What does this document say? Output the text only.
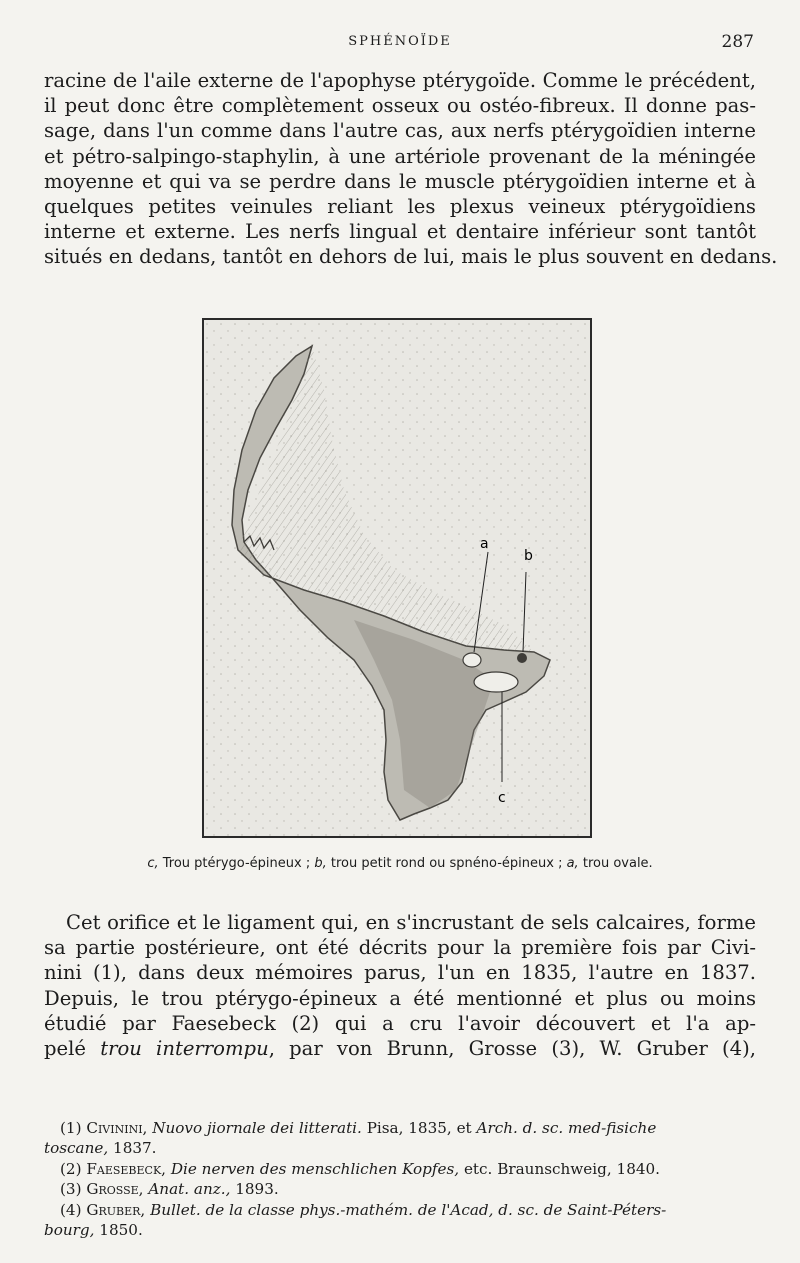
SPHÉNOÏDE	287
racine de l'aile externe de l'apophyse ptérygoïde. Comme le précédent,
il peut donc être complètement osseux ou ostéo-fibreux. Il donne pas-
sage, dans l'un comme dans l'autre cas, aux nerfs ptérygoïdien interne
et pétro-salpingo-staphylin, à une artériole provenant de la méningée
moyenne et qui va se perdre dans le muscle ptérygoïdien interne et à
quelques petites veinules reliant les plexus veineux ptérygoïdiens
interne et externe. Les nerfs lingual et dentaire inférieur sont tantôt
situés en dedans, tantôt en dehors de lui, mais le plus souvent en dedans.
a
b
c
c, Trou ptérygo-épineux ; b, trou petit rond ou spnéno-épineux ; a, trou ovale.
Cet orifice et le ligament qui, en s'incrustant de sels calcaires, forme
sa partie postérieure, ont été décrits pour la première fois par Civi-
nini (1), dans deux mémoires parus, l'un en 1835, l'autre en 1837.
Depuis, le trou ptérygo-épineux a été mentionné et plus ou moins
étudié par Faesebeck (2) qui a cru l'avoir découvert et l'a ap-
pelé trou interrompu, par von Brunn, Grosse (3), W. Gruber (4),
(1) Civinini, Nuovo jiornale dei litterati. Pisa, 1835, et Arch. d. sc. med-fisiche
toscane, 1837.
(2) Faesebeck, Die nerven des menschlichen Kopfes, etc. Braunschweig, 1840.
(3) Grosse, Anat. anz., 1893.
(4) Gruber, Bullet. de la classe phys.-mathém. de l'Acad, d. sc. de Saint-Péters-
bourg, 1850.
